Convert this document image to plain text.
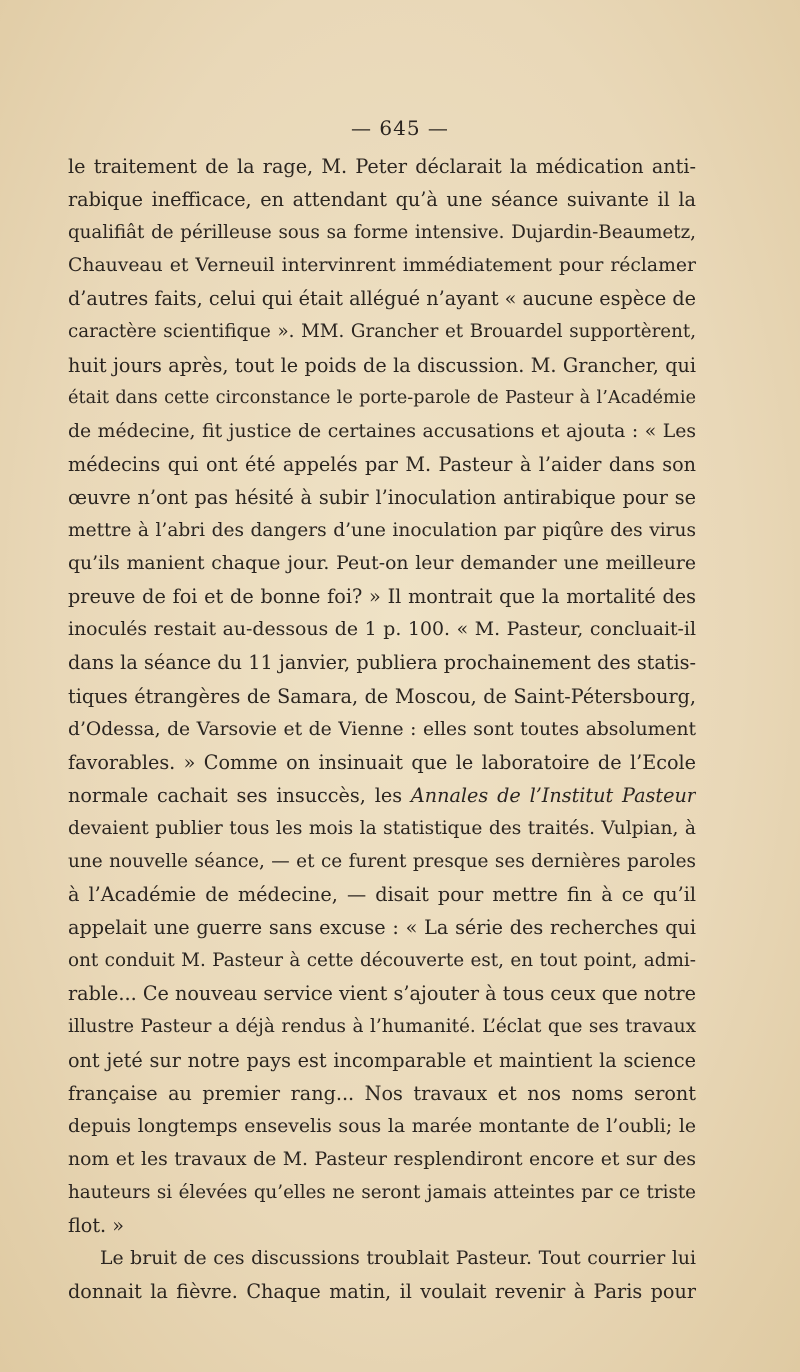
— 645 —
le traitement de la rage, M. Peter déclarait la médication anti-
rabique inefficace, en attendant qu’à une séance suivante il la
qualifiât de périlleuse sous sa forme intensive. Dujardin-Beaumetz,
Chauveau et Verneuil intervinrent immédiatement pour réclamer
d’autres faits, celui qui était allégué n’ayant « aucune espèce de
caractère scientifique ». MM. Grancher et Brouardel supportèrent,
huit jours après, tout le poids de la discussion. M. Grancher, qui
était dans cette circonstance le porte-parole de Pasteur à l’Académie
de médecine, fit justice de certaines accusations et ajouta : « Les
médecins qui ont été appelés par M. Pasteur à l’aider dans son
œuvre n’ont pas hésité à subir l’inoculation antirabique pour se
mettre à l’abri des dangers d’une inoculation par piqûre des virus
qu’ils manient chaque jour. Peut-on leur demander une meilleure
preuve de foi et de bonne foi? » Il montrait que la mortalité des
inoculés restait au-dessous de 1 p. 100. « M. Pasteur, concluait-il
dans la séance du 11 janvier, publiera prochainement des statis-
tiques étrangères de Samara, de Moscou, de Saint-Pétersbourg,
d’Odessa, de Varsovie et de Vienne : elles sont toutes absolument
favorables. » Comme on insinuait que le laboratoire de l’Ecole
normale cachait ses insuccès, les Annales de l’Institut Pasteur
devaient publier tous les mois la statistique des traités. Vulpian, à
une nouvelle séance, — et ce furent presque ses dernières paroles
à l’Académie de médecine, — disait pour mettre fin à ce qu’il
appelait une guerre sans excuse : « La série des recherches qui
ont conduit M. Pasteur à cette découverte est, en tout point, admi-
rable... Ce nouveau service vient s’ajouter à tous ceux que notre
illustre Pasteur a déjà rendus à l’humanité. L’éclat que ses travaux
ont jeté sur notre pays est incomparable et maintient la science
française au premier rang... Nos travaux et nos noms seront
depuis longtemps ensevelis sous la marée montante de l’oubli; le
nom et les travaux de M. Pasteur resplendiront encore et sur des
hauteurs si élevées qu’elles ne seront jamais atteintes par ce triste
flot. »
Le bruit de ces discussions troublait Pasteur. Tout courrier lui
donnait la fièvre. Chaque matin, il voulait revenir à Paris pour
